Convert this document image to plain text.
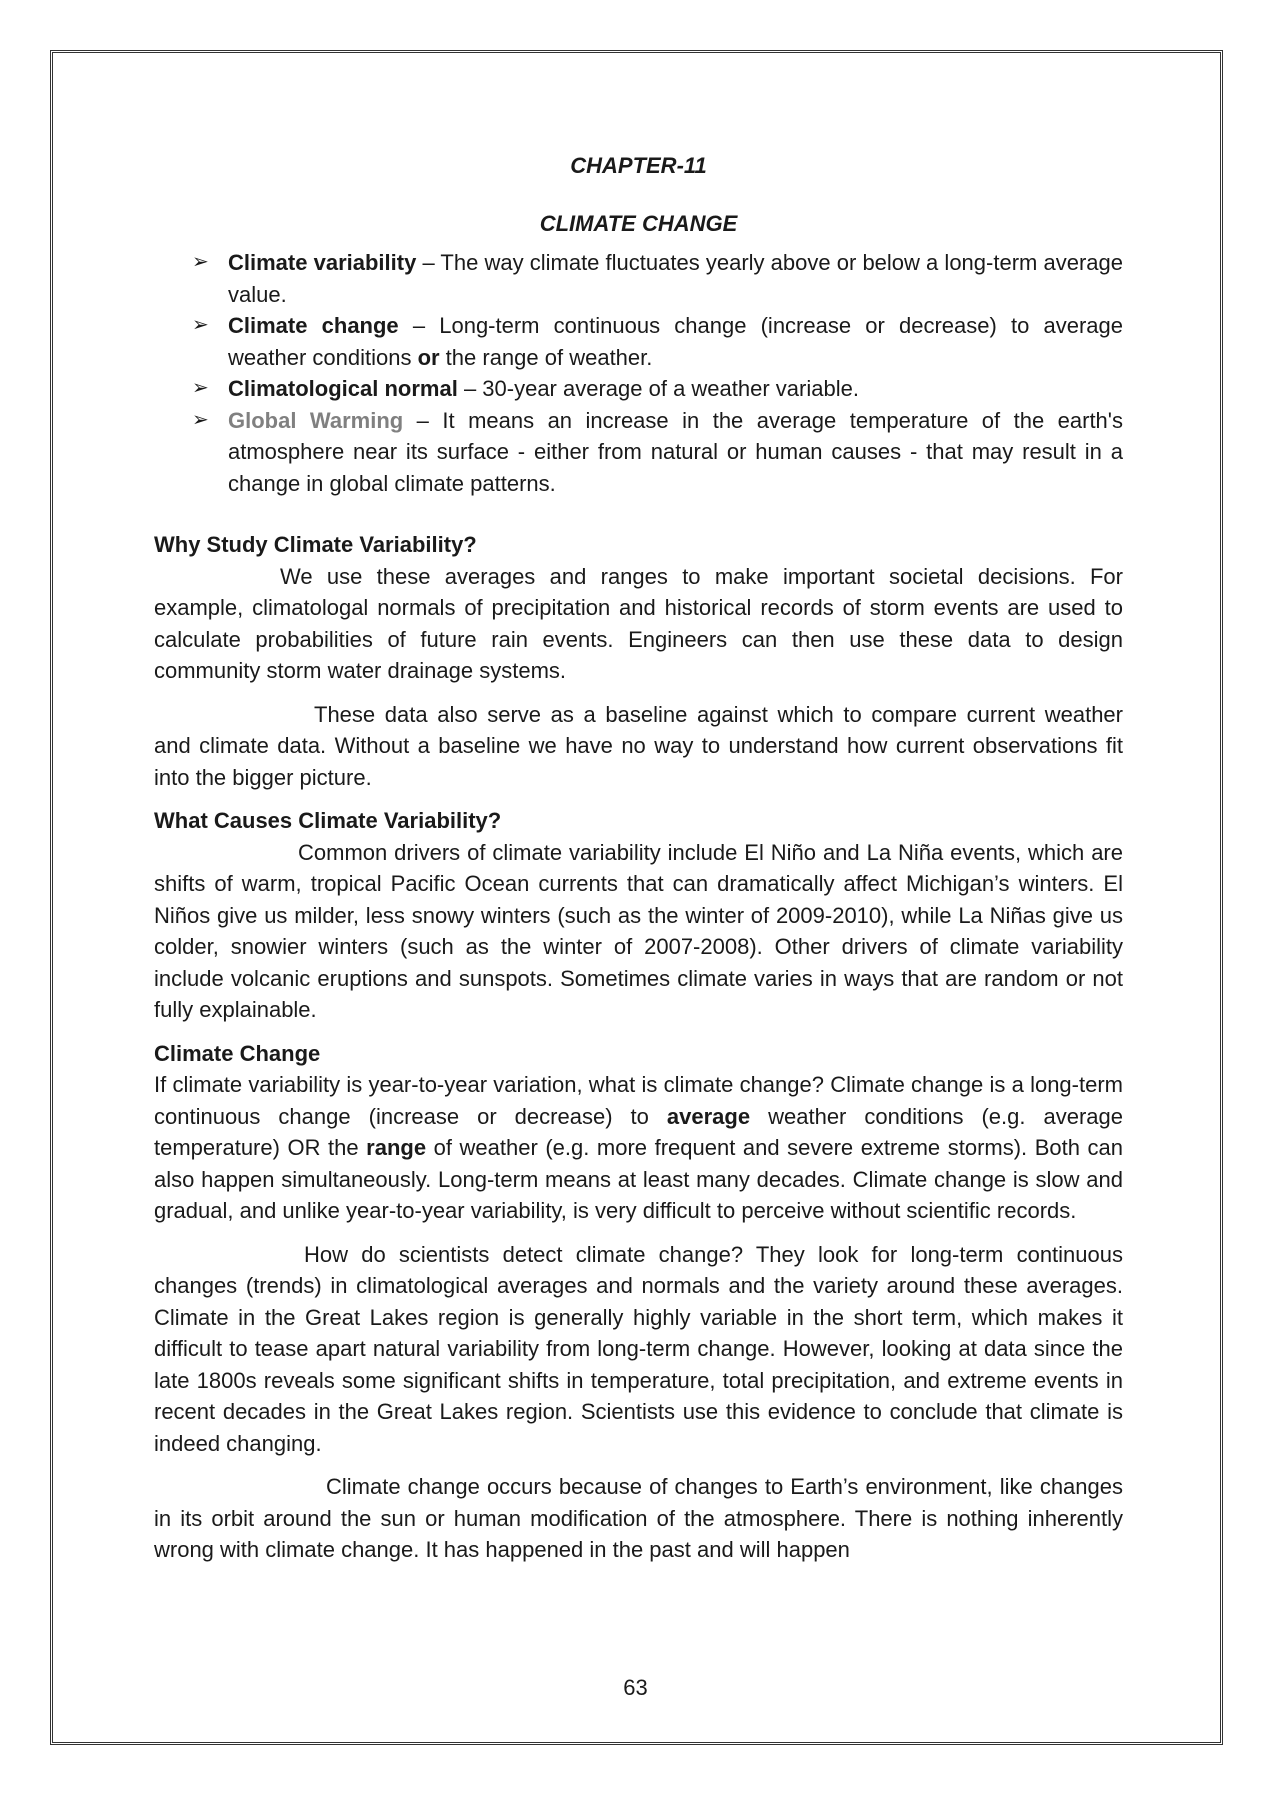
CHAPTER-11

CLIMATE CHANGE

➢ Climate variability – The way climate fluctuates yearly above or below a long-term average value.
➢ Climate change – Long-term continuous change (increase or decrease) to average weather conditions or the range of weather.
➢ Climatological normal – 30-year average of a weather variable.
➢ Global Warming – It means an increase in the average temperature of the earth's atmosphere near its surface - either from natural or human causes - that may result in a change in global climate patterns.
Why Study Climate Variability?

We use these averages and ranges to make important societal decisions. For example, climatologal normals of precipitation and historical records of storm events are used to calculate probabilities of future rain events. Engineers can then use these data to design community storm water drainage systems.

These data also serve as a baseline against which to compare current weather and climate data. Without a baseline we have no way to understand how current observations fit into the bigger picture.

What Causes Climate Variability?

Common drivers of climate variability include El Niño and La Niña events, which are shifts of warm, tropical Pacific Ocean currents that can dramatically affect Michigan’s winters. El Niños give us milder, less snowy winters (such as the winter of 2009-2010), while La Niñas give us colder, snowier winters (such as the winter of 2007-2008). Other drivers of climate variability include volcanic eruptions and sunspots. Sometimes climate varies in ways that are random or not fully explainable.

Climate Change

If climate variability is year-to-year variation, what is climate change? Climate change is a long-term continuous change (increase or decrease) to average weather conditions (e.g. average temperature) OR the range of weather (e.g. more frequent and severe extreme storms). Both can also happen simultaneously. Long-term means at least many decades. Climate change is slow and gradual, and unlike year-to-year variability, is very difficult to perceive without scientific records.

How do scientists detect climate change? They look for long-term continuous changes (trends) in climatological averages and normals and the variety around these averages. Climate in the Great Lakes region is generally highly variable in the short term, which makes it difficult to tease apart natural variability from long-term change. However, looking at data since the late 1800s reveals some significant shifts in temperature, total precipitation, and extreme events in recent decades in the Great Lakes region. Scientists use this evidence to conclude that climate is indeed changing.

Climate change occurs because of changes to Earth’s environment, like changes in its orbit around the sun or human modification of the atmosphere. There is nothing inherently wrong with climate change. It has happened in the past and will happen

63
